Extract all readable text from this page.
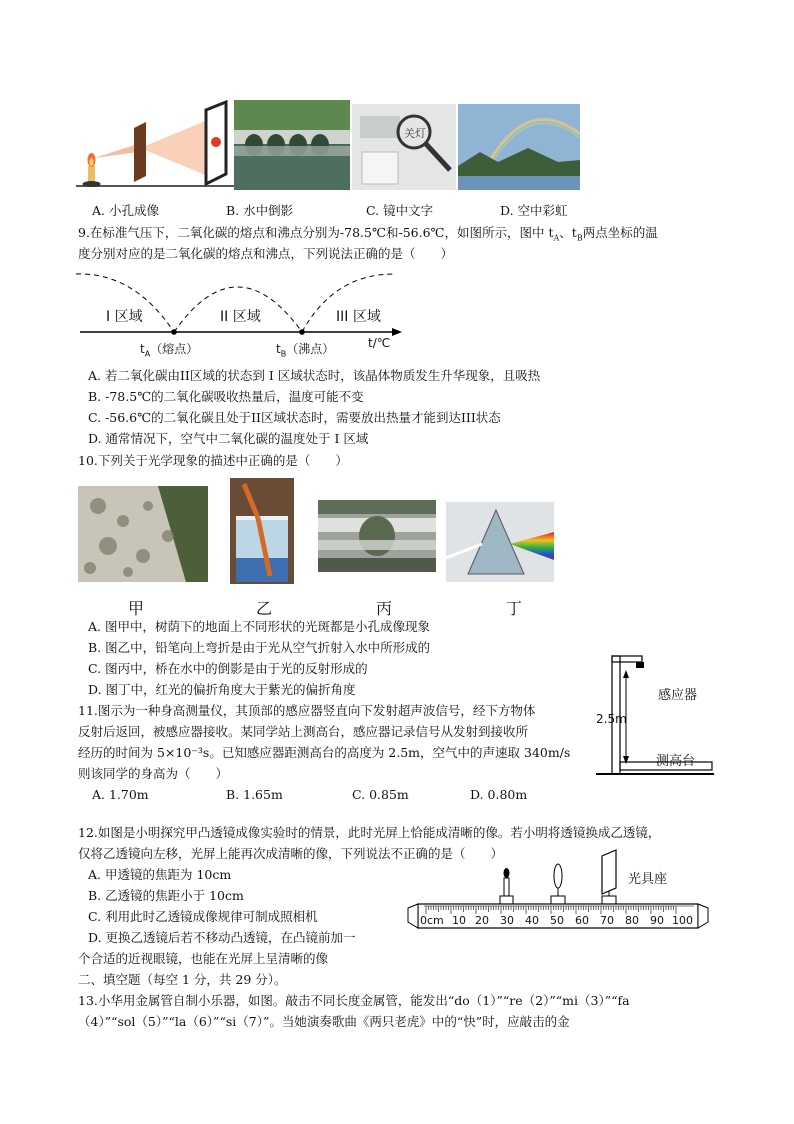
关灯
A. 小孔成像	B. 水中倒影	C. 镜中文字	D. 空中彩虹
9.在标准气压下，二氧化碳的熔点和沸点分别为-78.5℃和-56.6℃，如图所示，图中 $t_A$、$t_B$两点坐标的温
度分别对应的是二氧化碳的熔点和沸点，下列说法正确的是（　　）
I 区域	II 区域	III 区域
$t_A$（熔点）	$t_B$（沸点）	t/℃
A. 若二氧化碳由II区域的状态到 I 区域状态时，该晶体物质发生升华现象，且吸热
B. -78.5℃的二氧化碳吸收热量后，温度可能不变
C. -56.6℃的二氧化碳且处于II区域状态时，需要放出热量才能到达III状态
D. 通常情况下，空气中二氧化碳的温度处于 I 区域
10.下列关于光学现象的描述中正确的是（　　）
甲	乙	丙	丁
A. 图甲中，树荫下的地面上不同形状的光斑都是小孔成像现象
B. 图乙中，铅笔向上弯折是由于光从空气折射入水中所形成的
C. 图丙中，桥在水中的倒影是由于光的反射形成的
D. 图丁中，红光的偏折角度大于紫光的偏折角度
11.图示为一种身高测量仪，其顶部的感应器竖直向下发射超声波信号，经下方物体
反射后返回，被感应器接收。某同学站上测高台，感应器记录信号从发射到接收所
经历的时间为 5×10⁻³s。已知感应器距测高台的高度为 2.5m，空气中的声速取 340m/s
则该同学的身高为（　　）
A. 1.70m	B. 1.65m	C. 0.85m	D. 0.80m
感应器
2.5m
测高台
12.如图是小明探究甲凸透镜成像实验时的情景，此时光屏上恰能成清晰的像。若小明将透镜换成乙透镜，
仅将乙透镜向左移，光屏上能再次成清晰的像，下列说法不正确的是（　　）
A. 甲透镜的焦距为 10cm
B. 乙透镜的焦距小于 10cm
C. 利用此时乙透镜成像规律可制成照相机
D. 更换乙透镜后若不移动凸透镜，在凸镜前加一
个合适的近视眼镜，也能在光屏上呈清晰的像
光具座
0cm 10 20 30 40 50 60 70 80 90 100
二、填空题（每空 1 分，共 29 分）。
13.小华用金属管自制小乐器，如图。敲击不同长度金属管，能发出“do（1）”“re（2）”“mi（3）”“fa
（4）”“sol（5）”“la（6）”“si（7）”。当她演奏歌曲《两只老虎》中的“快”时，应敲击的金
